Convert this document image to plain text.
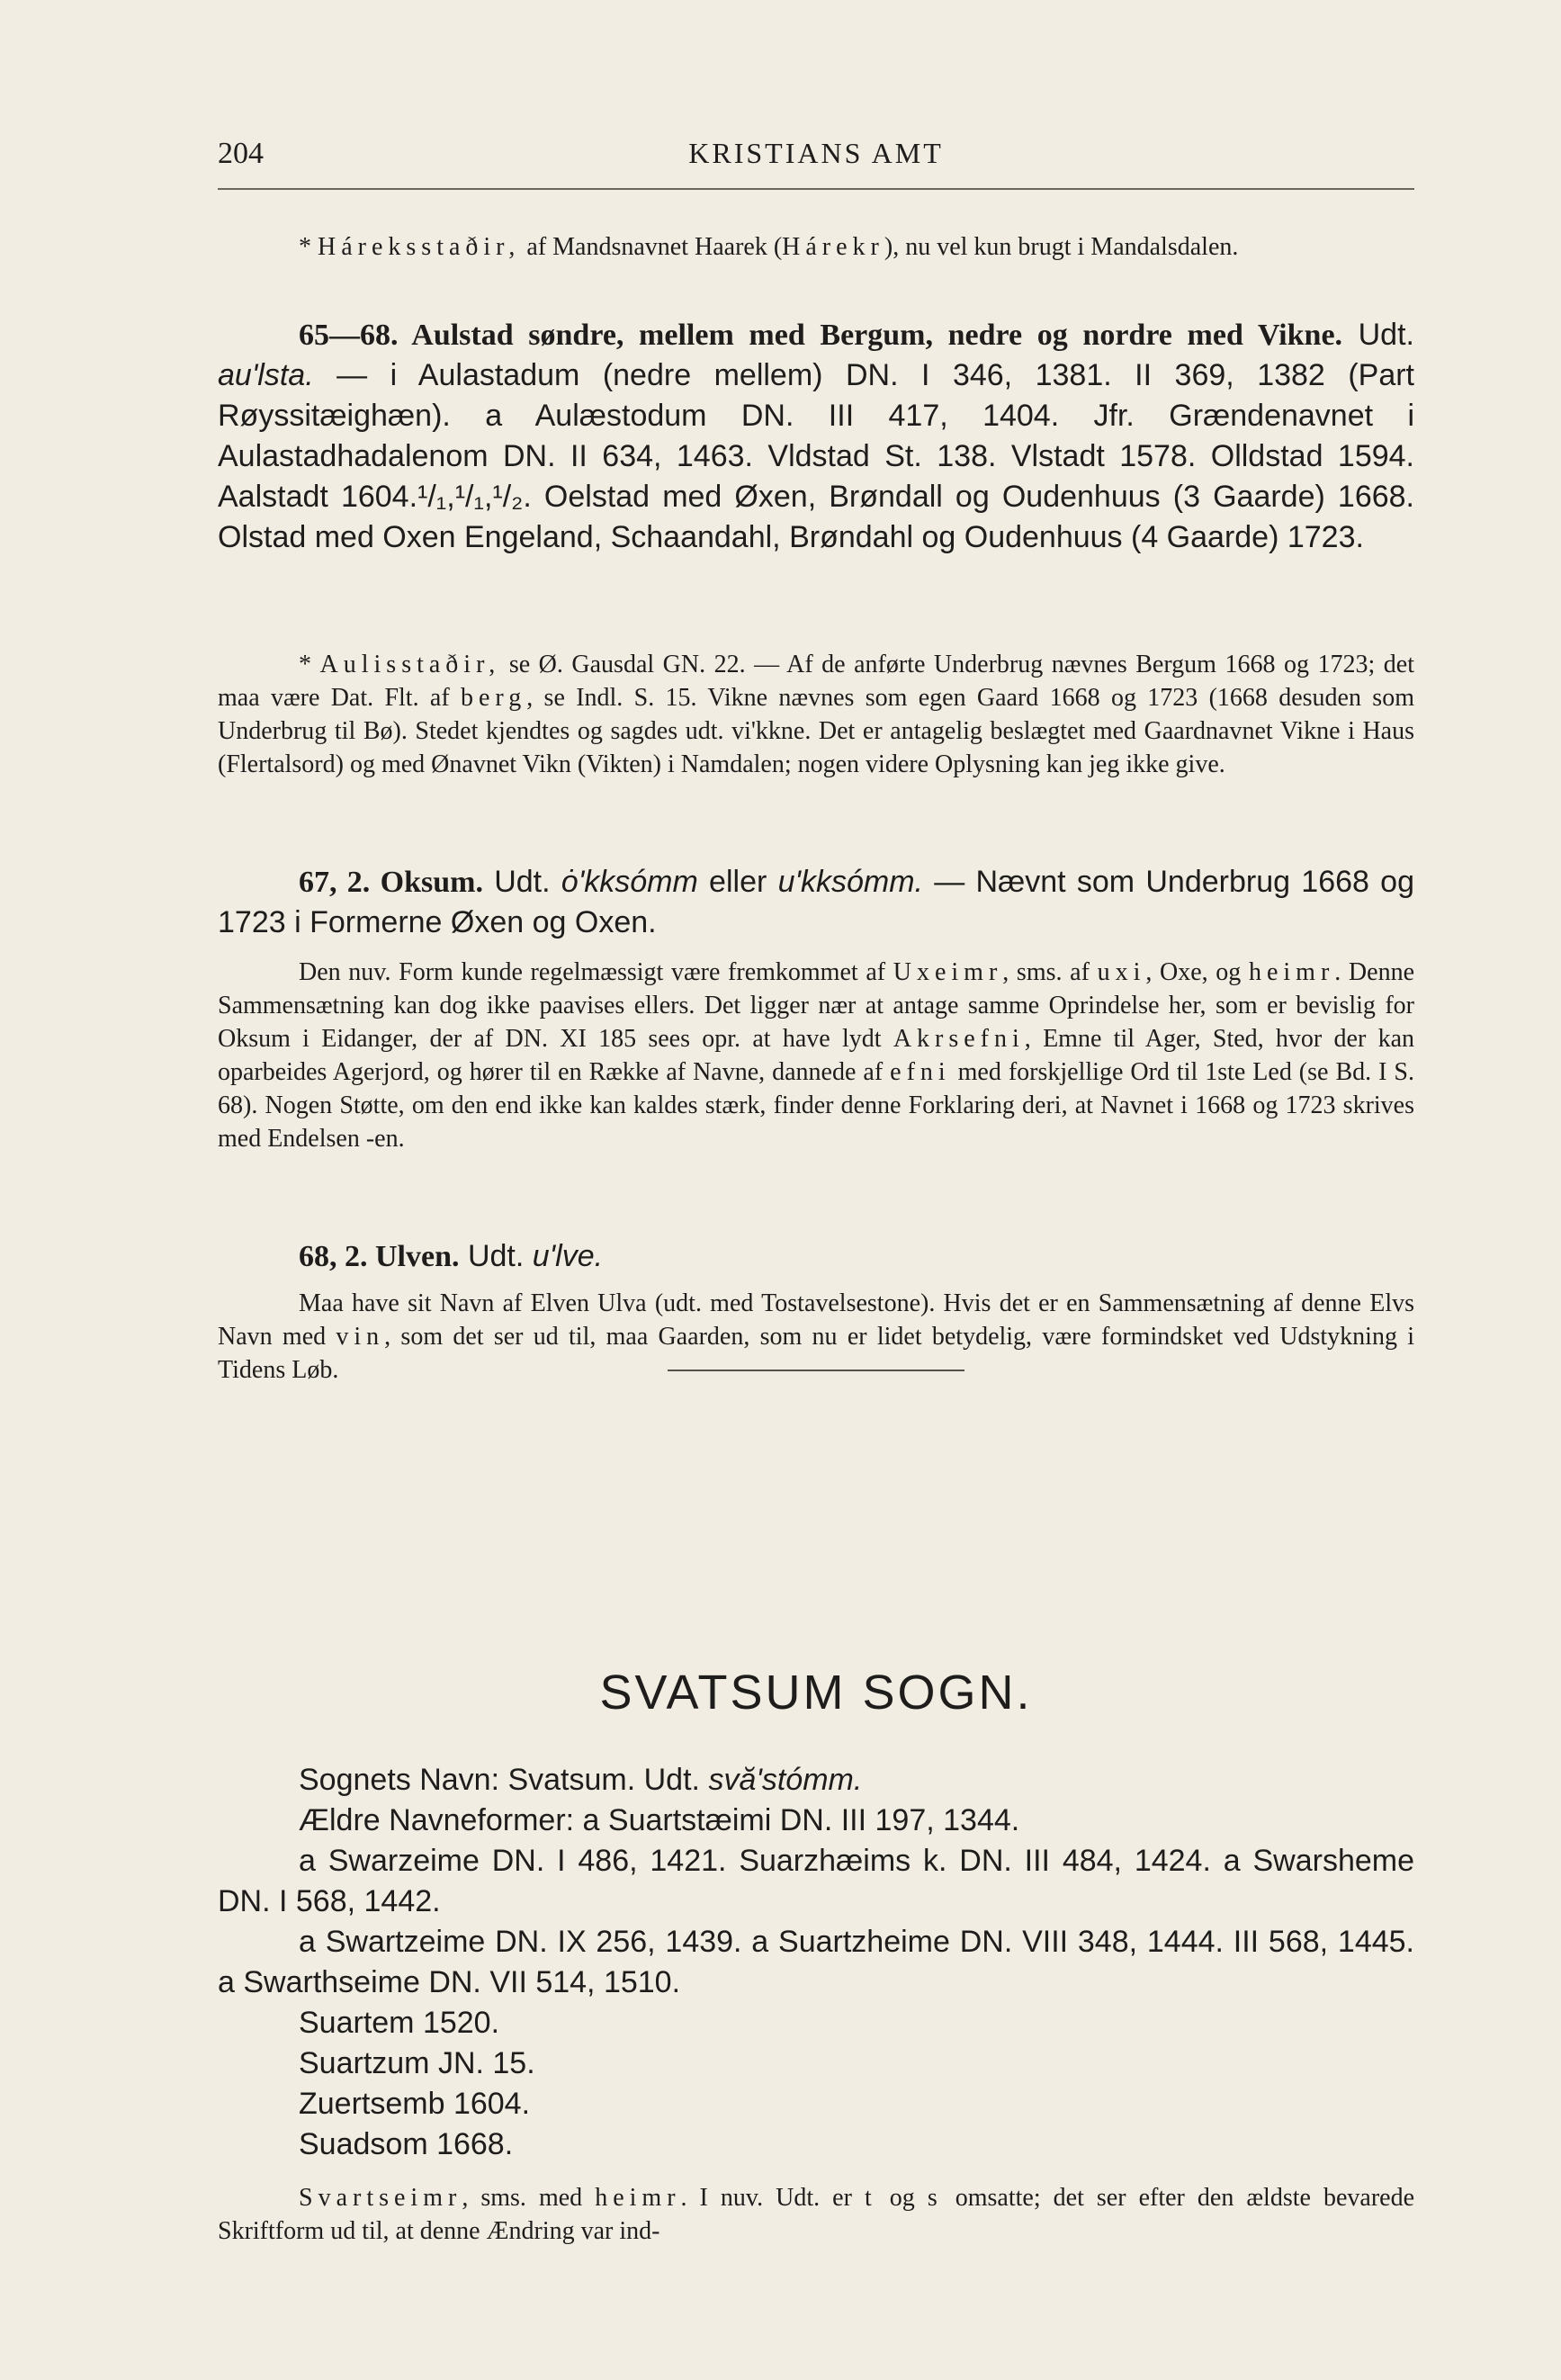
204	KRISTIANS AMT

* Háreksstaðir, af Mandsnavnet Haarek (Hárekr), nu vel kun brugt i Mandalsdalen.

65—68. Aulstad søndre, mellem med Bergum, nedre og nordre med Vikne. Udt. au'lsta. — i Aulastadum (nedre mellem) DN. I 346, 1381. II 369, 1382 (Part Røyssitæighæn). a Aulæstodum DN. III 417, 1404. Jfr. Grændenavnet i Aulastadhadalenom DN. II 634, 1463. Vldstad St. 138. Vlstadt 1578. Olldstad 1594. Aalstadt 1604.¹/₁,¹/₁,¹/₂. Oelstad med Øxen, Brøndall og Oudenhuus (3 Gaarde) 1668. Olstad med Oxen Engeland, Schaandahl, Brøndahl og Oudenhuus (4 Gaarde) 1723.

* Aulisstaðir, se Ø. Gausdal GN. 22. — Af de anførte Underbrug nævnes Bergum 1668 og 1723; det maa være Dat. Flt. af berg, se Indl. S. 15. Vikne nævnes som egen Gaard 1668 og 1723 (1668 desuden som Underbrug til Bø). Stedet kjendtes og sagdes udt. vi'kkne. Det er antagelig beslægtet med Gaardnavnet Vikne i Haus (Flertalsord) og med Ønavnet Vikn (Vikten) i Namdalen; nogen videre Oplysning kan jeg ikke give.

67, 2. Oksum. Udt. ȯ'kksómm eller u'kksómm. — Nævnt som Underbrug 1668 og 1723 i Formerne Øxen og Oxen.

Den nuv. Form kunde regelmæssigt være fremkommet af Uxeimr, sms. af uxi, Oxe, og heimr. Denne Sammensætning kan dog ikke paavises ellers. Det ligger nær at antage samme Oprindelse her, som er bevislig for Oksum i Eidanger, der af DN. XI 185 sees opr. at have lydt Akrsefni, Emne til Ager, Sted, hvor der kan oparbeides Agerjord, og hører til en Række af Navne, dannede af efni med forskjellige Ord til 1ste Led (se Bd. I S. 68). Nogen Støtte, om den end ikke kan kaldes stærk, finder denne Forklaring deri, at Navnet i 1668 og 1723 skrives med Endelsen -en.

68, 2. Ulven. Udt. u'lve.

Maa have sit Navn af Elven Ulva (udt. med Tostavelsestone). Hvis det er en Sammensætning af denne Elvs Navn med vin, som det ser ud til, maa Gaarden, som nu er lidet betydelig, være formindsket ved Udstykning i Tidens Løb.

SVATSUM SOGN.

Sognets Navn: Svatsum. Udt. svă'stómm.

Ældre Navneformer: a Suartstæimi DN. III 197, 1344.

a Swarzeime DN. I 486, 1421. Suarzhæims k. DN. III 484, 1424. a Swarsheme DN. I 568, 1442.

a Swartzeime DN. IX 256, 1439. a Suartzheime DN. VIII 348, 1444. III 568, 1445. a Swarthseime DN. VII 514, 1510.

Suartem 1520.

Suartzum JN. 15.

Zuertsemb 1604.

Suadsom 1668.

Svartseimr, sms. med heimr. I nuv. Udt. er t og s omsatte; det ser efter den ældste bevarede Skriftform ud til, at denne Ændring var ind-
